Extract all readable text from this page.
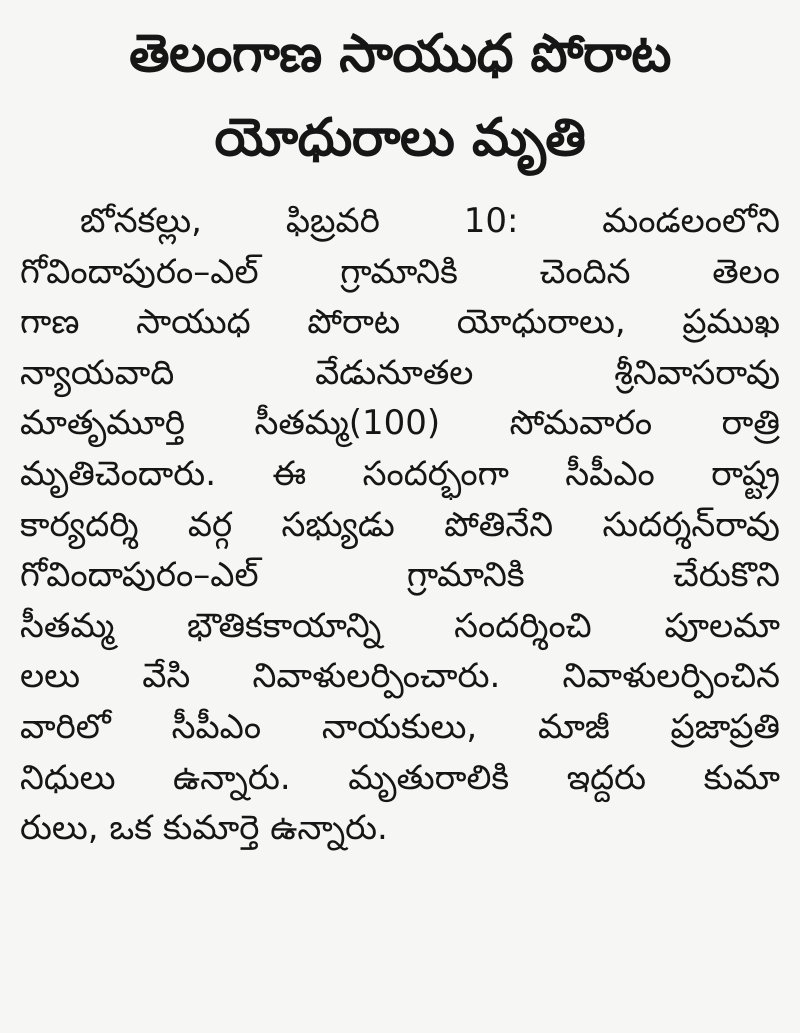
తెలంగాణ సాయుధ పోరాట
యోధురాలు మృతి
బోనకల్లు, ఫిబ్రవరి 10: మండలంలోని
గోవిందాపురం–ఎల్ గ్రామానికి చెందిన తెలం
గాణ సాయుధ పోరాట యోధురాలు, ప్రముఖ
న్యాయవాది వేడునూతల శ్రీనివాసరావు
మాతృమూర్తి సీతమ్మ(100) సోమవారం రాత్రి
మృతిచెందారు. ఈ సందర్భంగా సీపీఎం రాష్ట్ర
కార్యదర్శి వర్గ సభ్యుడు పోతినేని సుదర్శన్‌రావు
గోవిందాపురం–ఎల్ గ్రామానికి చేరుకొని
సీతమ్మ భౌతికకాయాన్ని సందర్శించి పూలమా
లలు వేసి నివాళులర్పించారు. నివాళులర్పించిన
వారిలో సీపీఎం నాయకులు, మాజీ ప్రజాప్రతి
నిధులు ఉన్నారు. మృతురాలికి ఇద్దరు కుమా
రులు, ఒక కుమార్తె ఉన్నారు.
